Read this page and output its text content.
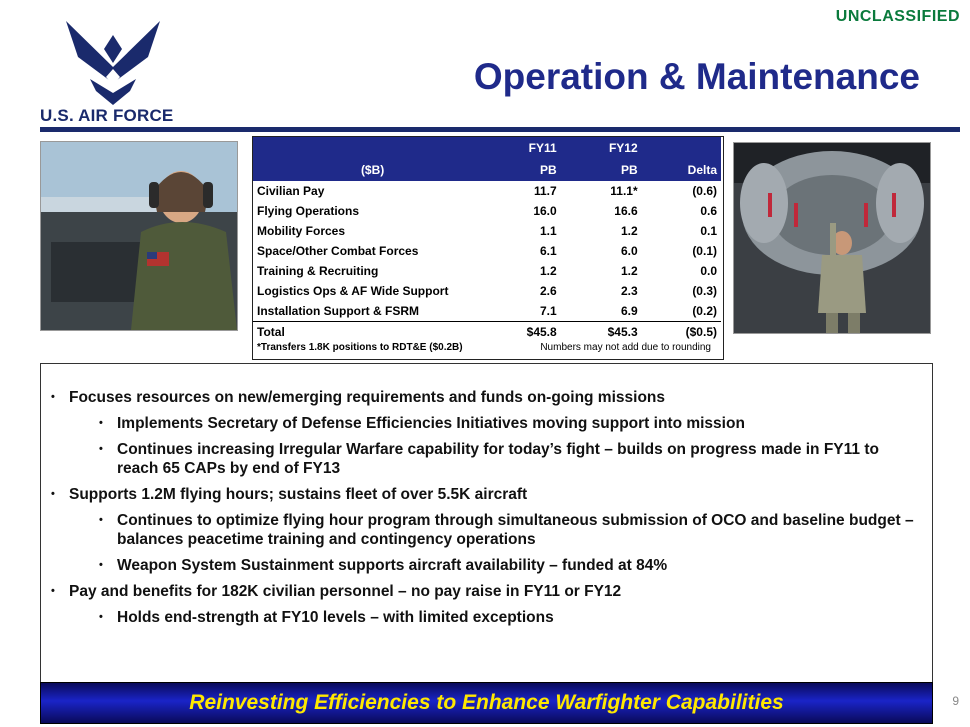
UNCLASSIFIED
U.S. AIR FORCE
Operation & Maintenance
	FY11	FY12	
($B)	PB	PB	Delta
Civilian Pay	11.7	11.1*	(0.6)
Flying Operations	16.0	16.6	0.6
Mobility Forces	1.1	1.2	0.1
Space/Other Combat Forces	6.1	6.0	(0.1)
Training & Recruiting	1.2	1.2	0.0
Logistics Ops & AF Wide Support	2.6	2.3	(0.3)
Installation Support & FSRM	7.1	6.9	(0.2)
Total	$45.8	$45.3	($0.5)
*Transfers 1.8K positions to RDT&E ($0.2B)	Numbers may not add due to rounding
• Focuses resources on new/emerging requirements and funds on-going missions
• Implements Secretary of Defense Efficiencies Initiatives moving support into mission
• Continues increasing Irregular Warfare capability for today’s fight – builds on progress made in FY11 to reach 65 CAPs by end of FY13
• Supports 1.2M flying hours; sustains fleet of over 5.5K aircraft
• Continues to optimize flying hour program through simultaneous submission of OCO and baseline budget – balances peacetime training and contingency operations
• Weapon System Sustainment supports aircraft availability – funded at 84%
• Pay and benefits for 182K civilian personnel – no pay raise in FY11 or FY12
• Holds end-strength at FY10 levels – with limited exceptions
Reinvesting Efficiencies to Enhance Warfighter Capabilities	9
